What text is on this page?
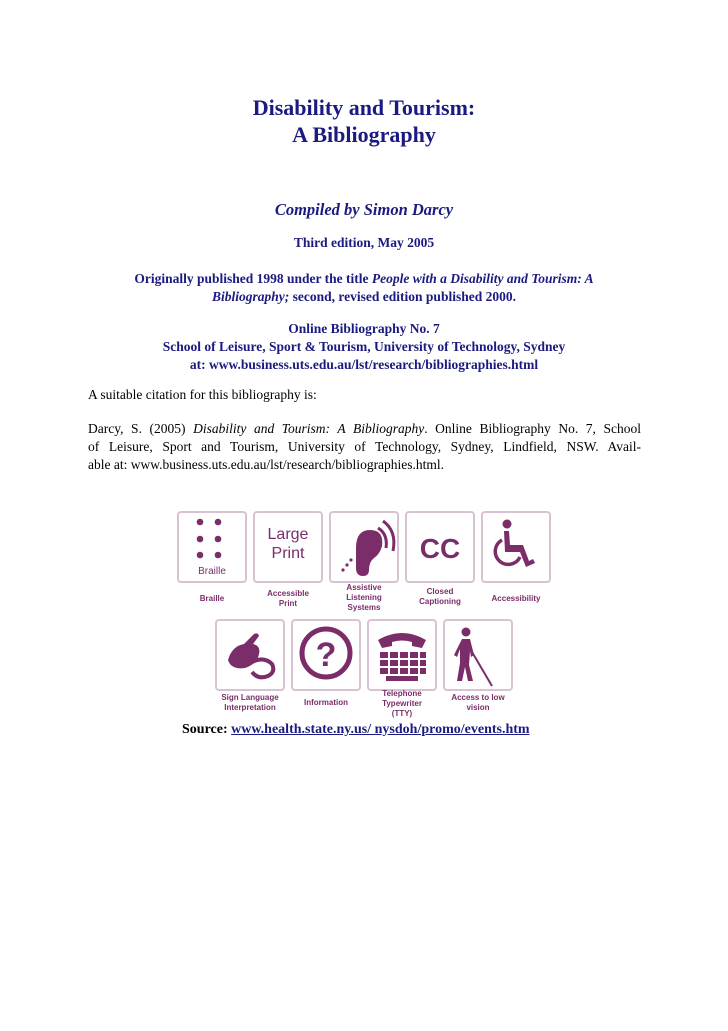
Disability and Tourism:
A Bibliography
Compiled by Simon Darcy
Third edition, May 2005
Originally published 1998 under the title People with a Disability and Tourism: A
Bibliography; second, revised edition published 2000.
Online Bibliography No. 7
School of Leisure, Sport & Tourism, University of Technology, Sydney
at: www.business.uts.edu.au/lst/research/bibliographies.html
A suitable citation for this bibliography is:
Darcy, S. (2005) Disability and Tourism: A Bibliography. Online Bibliography No. 7, School
of Leisure, Sport and Tourism, University of Technology, Sydney, Lindfield, NSW. Avail-
able at: www.business.uts.edu.au/lst/research/bibliographies.html.
Braille
Braille
Large
Print
Accessible
Print
Assistive
Listening
Systems
CC
Closed
Captioning	Accessibility
Sign Language
Interpretation
?
Information
Telephone
Typewriter
(TTY)
Access to low
vision
Source: www.health.state.ny.us/ nysdoh/promo/events.htm
